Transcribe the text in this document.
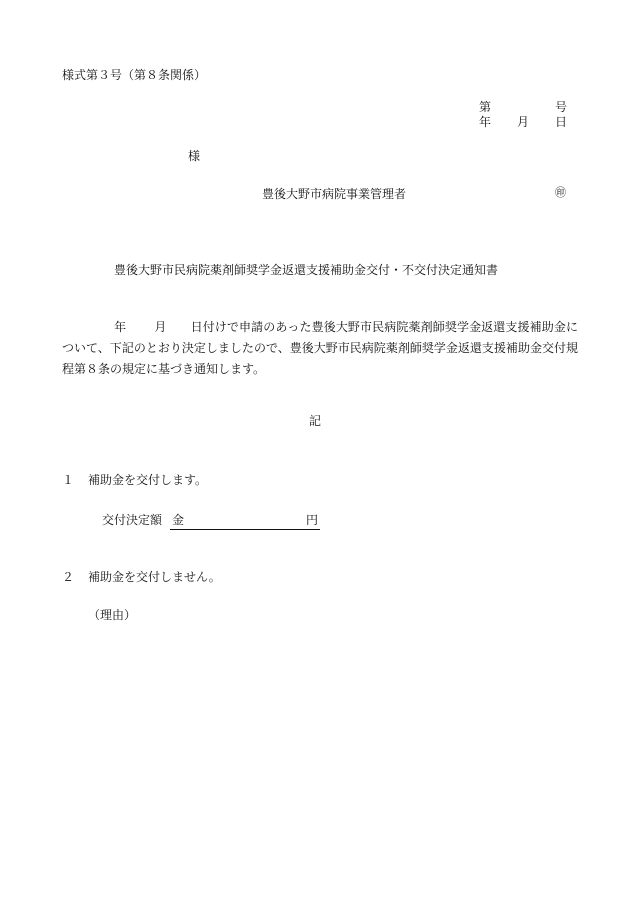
様式第３号（第８条関係）
第	号
年 月 日
様
豊後大野市病院事業管理者	㊞
豊後大野市民病院薬剤師奨学金返還支援補助金交付・不交付決定通知書
年 月 日付けで申請のあった豊後大野市民病院薬剤師奨学金返還支援補助金について、下記のとおり決定しましたので、豊後大野市民病院薬剤師奨学金返還支援補助金交付規程第８条の規定に基づき通知します。
記
１ 補助金を交付します。
交付決定額 金	円
２ 補助金を交付しません。
（理由）
